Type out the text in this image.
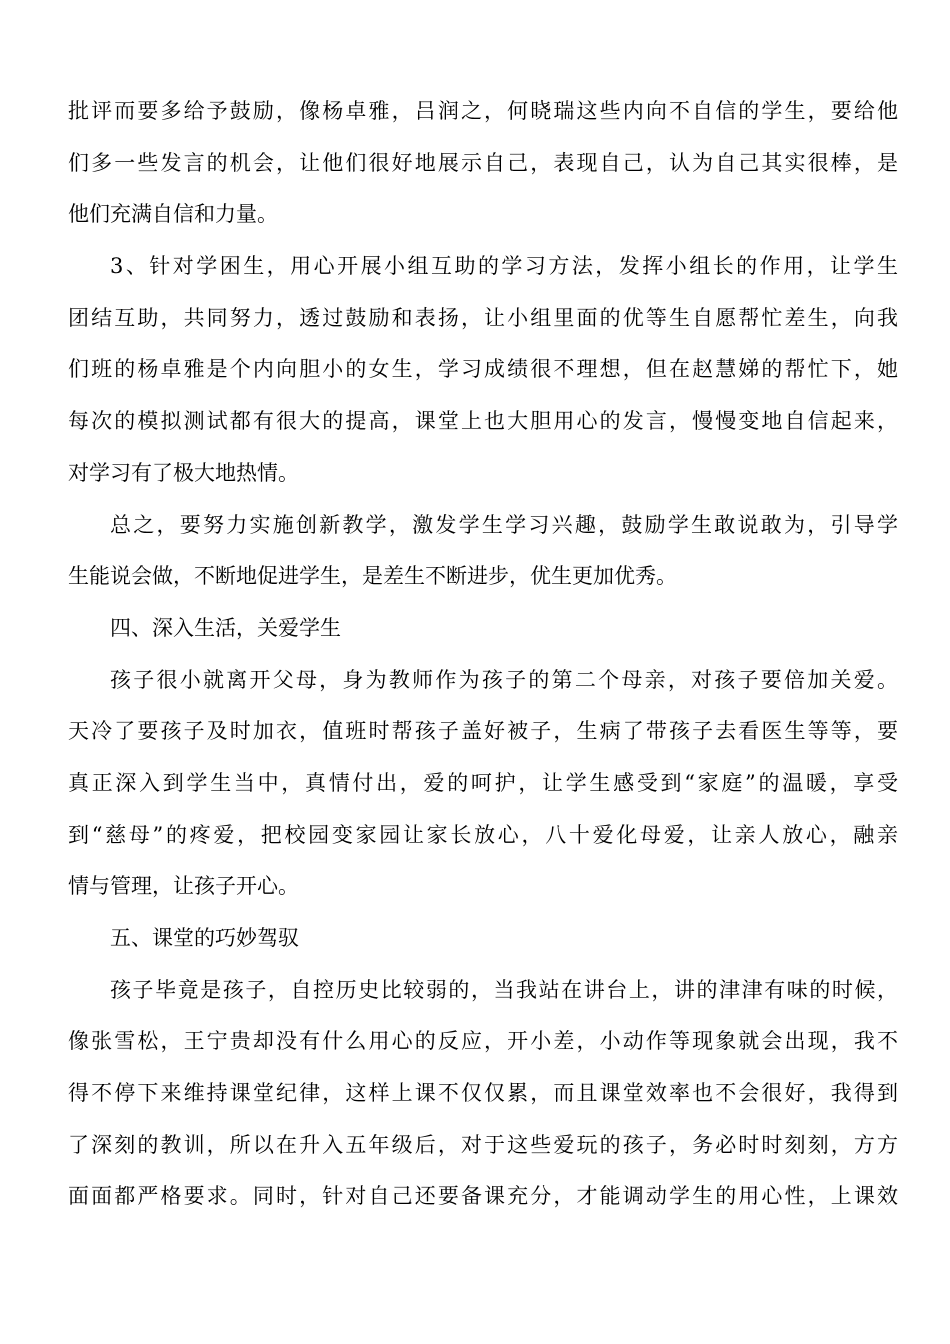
批评而要多给予鼓励，像杨卓雅，吕润之，何晓瑞这些内向不自信的学生，要给他
们多一些发言的机会，让他们很好地展示自己，表现自己，认为自己其实很棒，是
他们充满自信和力量。
3、针对学困生，用心开展小组互助的学习方法，发挥小组长的作用，让学生
团结互助，共同努力，透过鼓励和表扬，让小组里面的优等生自愿帮忙差生，向我
们班的杨卓雅是个内向胆小的女生，学习成绩很不理想，但在赵慧娣的帮忙下，她
每次的模拟测试都有很大的提高，课堂上也大胆用心的发言，慢慢变地自信起来，
对学习有了极大地热情。
总之，要努力实施创新教学，激发学生学习兴趣，鼓励学生敢说敢为，引导学
生能说会做，不断地促进学生，是差生不断进步，优生更加优秀。
四、深入生活，关爱学生
孩子很小就离开父母，身为教师作为孩子的第二个母亲，对孩子要倍加关爱。
天冷了要孩子及时加衣，值班时帮孩子盖好被子，生病了带孩子去看医生等等，要
真正深入到学生当中，真情付出，爱的呵护，让学生感受到“家庭”的温暖，享受
到“慈母”的疼爱，把校园变家园让家长放心，八十爱化母爱，让亲人放心，融亲
情与管理，让孩子开心。
五、课堂的巧妙驾驭
孩子毕竟是孩子，自控历史比较弱的，当我站在讲台上，讲的津津有味的时候，
像张雪松，王宁贵却没有什么用心的反应，开小差，小动作等现象就会出现，我不
得不停下来维持课堂纪律，这样上课不仅仅累，而且课堂效率也不会很好，我得到
了深刻的教训，所以在升入五年级后，对于这些爱玩的孩子，务必时时刻刻，方方
面面都严格要求。同时，针对自己还要备课充分，才能调动学生的用心性，上课效
